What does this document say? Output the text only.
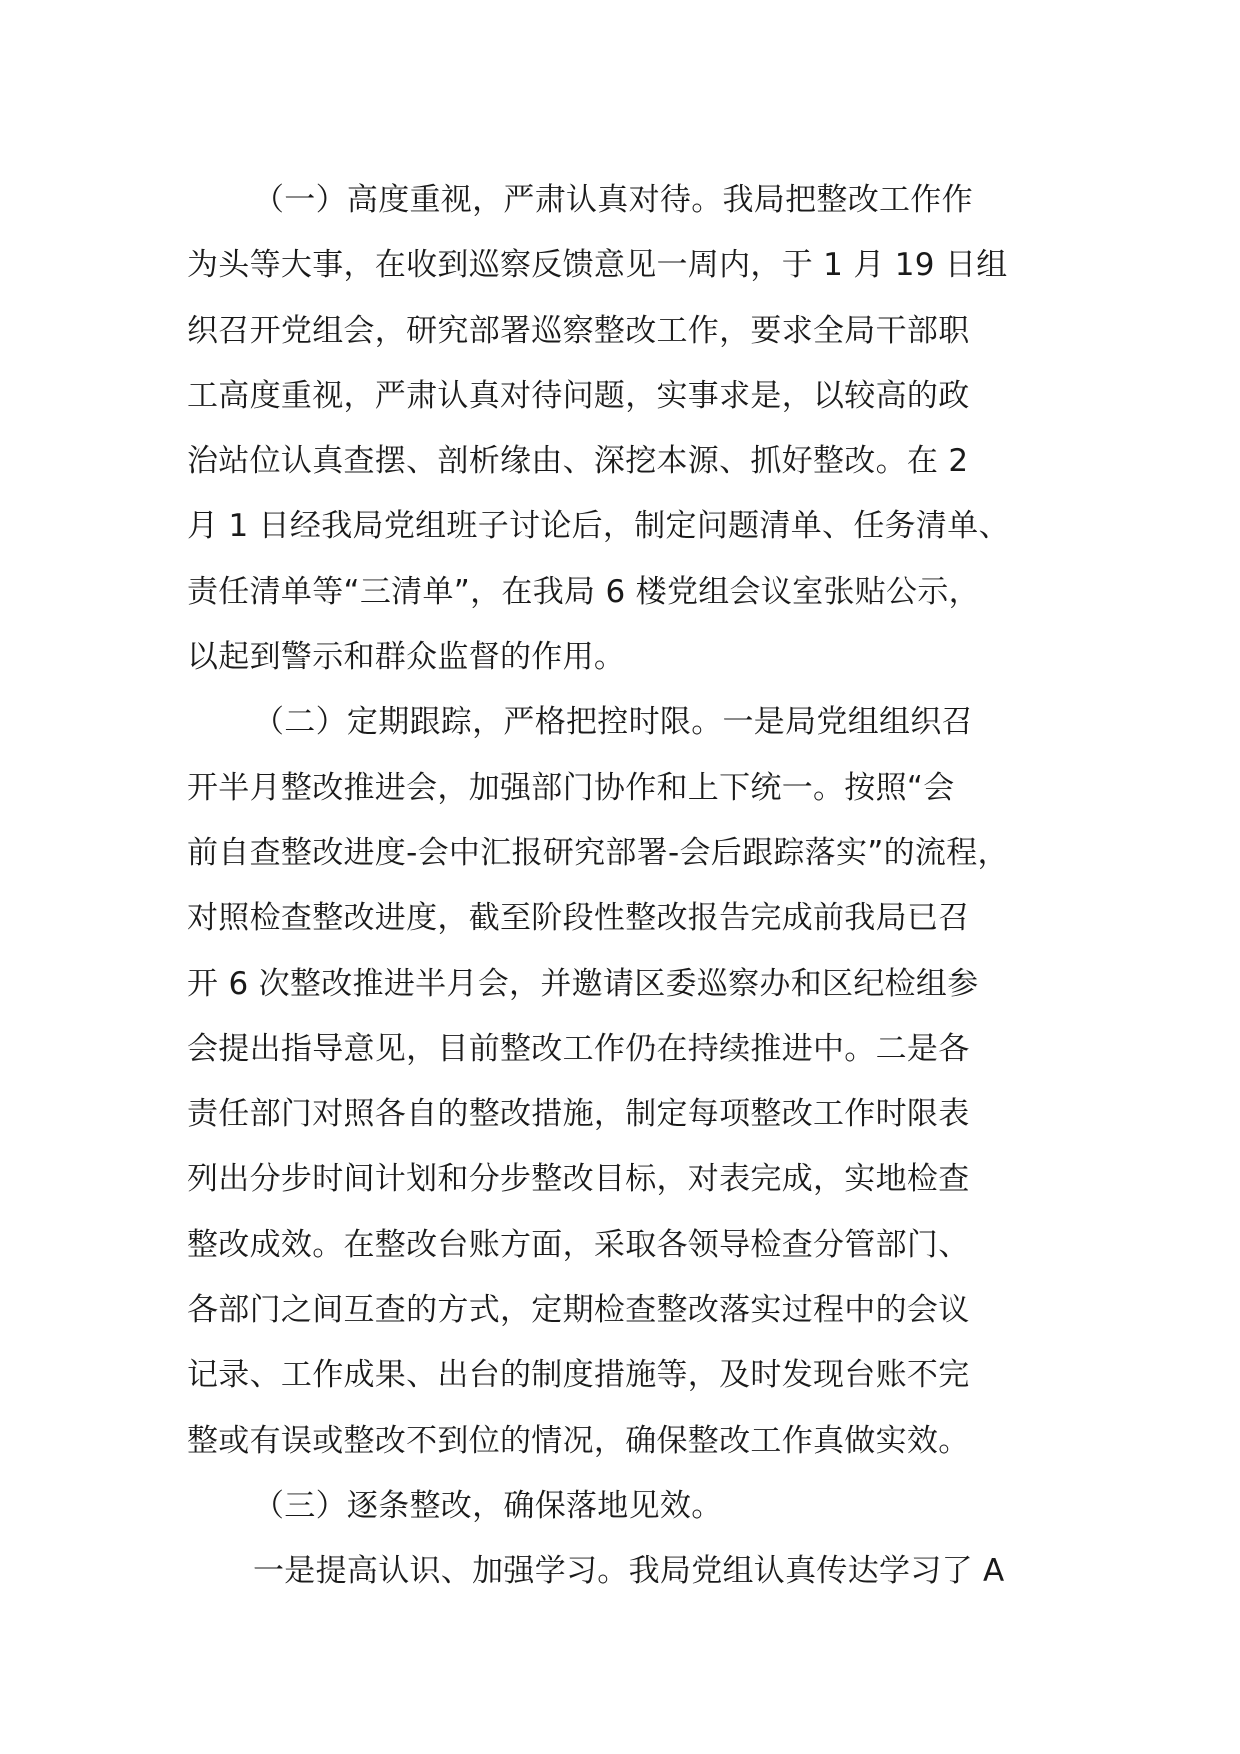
（一）高度重视，严肃认真对待。我局把整改工作作
为头等大事，在收到巡察反馈意见一周内，于 1 月 19 日组
织召开党组会，研究部署巡察整改工作，要求全局干部职
工高度重视，严肃认真对待问题，实事求是，以较高的政
治站位认真查摆、剖析缘由、深挖本源、抓好整改。在 2
月 1 日经我局党组班子讨论后，制定问题清单、任务清单、
责任清单等“三清单”，在我局 6 楼党组会议室张贴公示，
以起到警示和群众监督的作用。
（二）定期跟踪，严格把控时限。一是局党组组织召
开半月整改推进会，加强部门协作和上下统一。按照“会
前自查整改进度-会中汇报研究部署-会后跟踪落实”的流程，
对照检查整改进度，截至阶段性整改报告完成前我局已召
开 6 次整改推进半月会，并邀请区委巡察办和区纪检组参
会提出指导意见，目前整改工作仍在持续推进中。二是各
责任部门对照各自的整改措施，制定每项整改工作时限表
列出分步时间计划和分步整改目标，对表完成，实地检查
整改成效。在整改台账方面，采取各领导检查分管部门、
各部门之间互查的方式，定期检查整改落实过程中的会议
记录、工作成果、出台的制度措施等，及时发现台账不完
整或有误或整改不到位的情况，确保整改工作真做实效。
（三）逐条整改，确保落地见效。
一是提高认识、加强学习。我局党组认真传达学习了 A
